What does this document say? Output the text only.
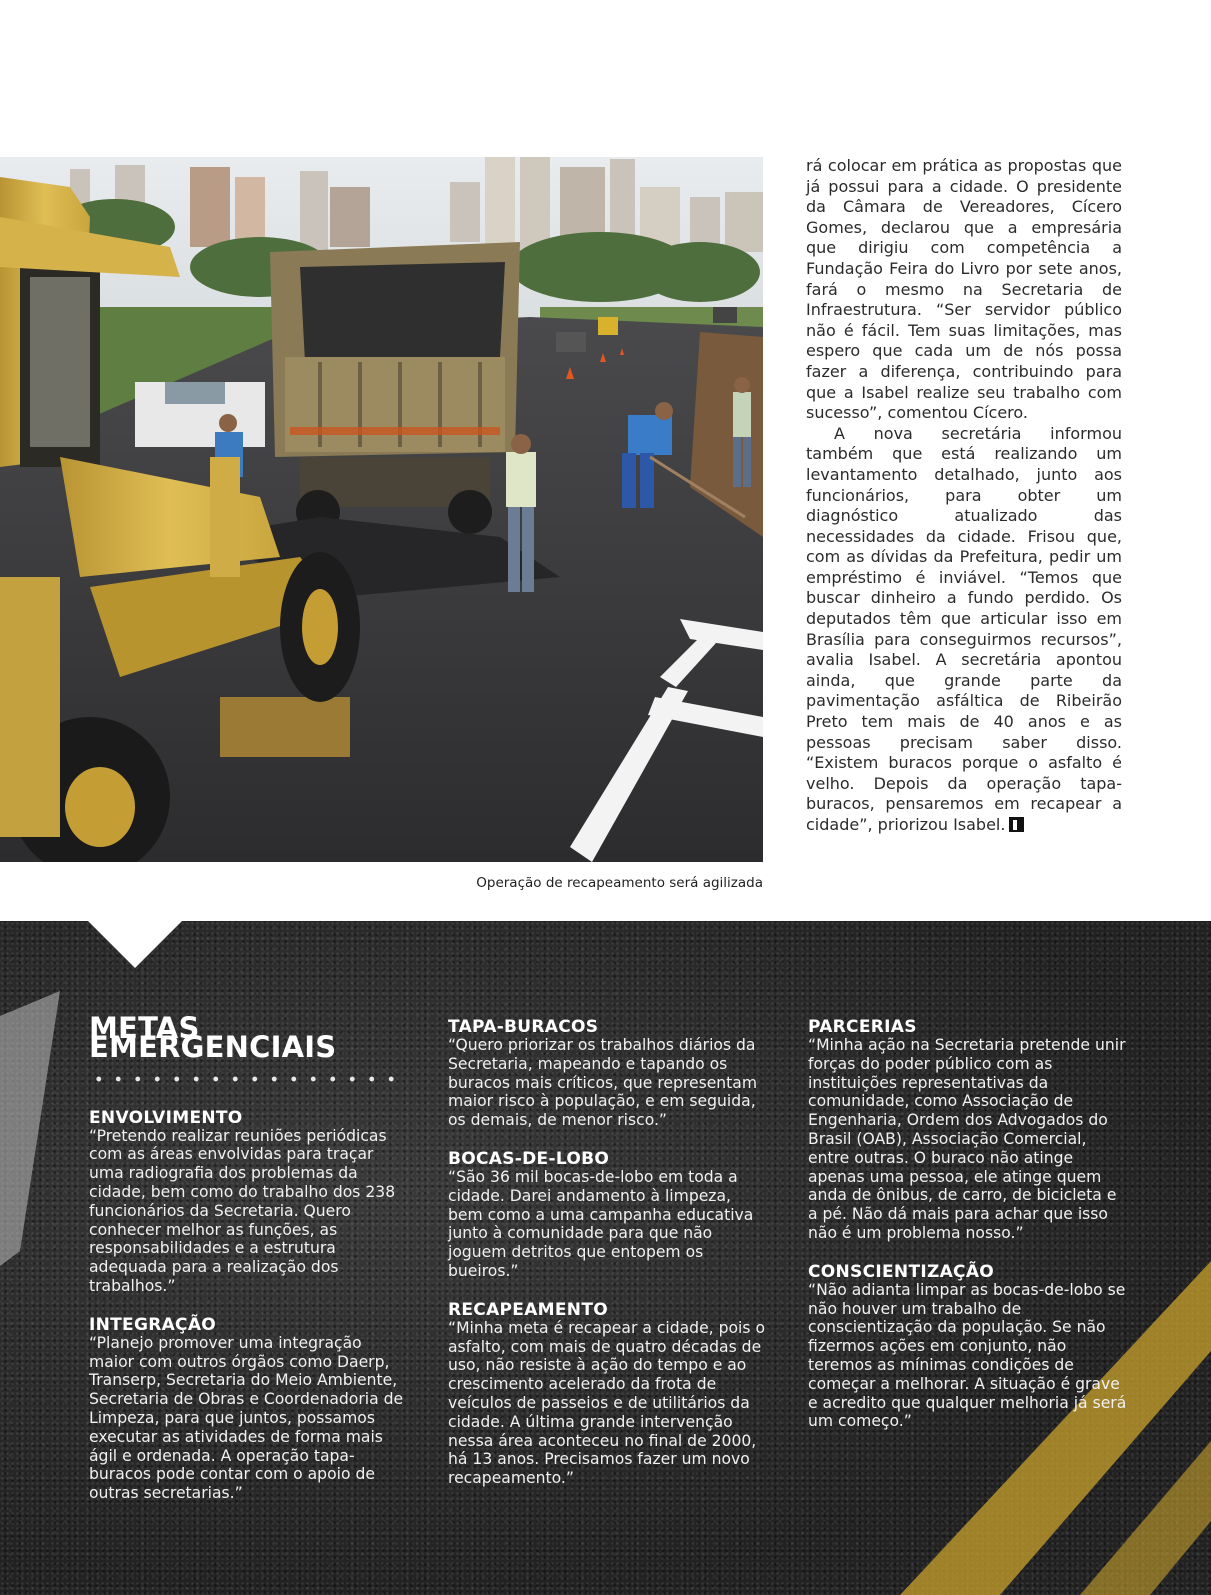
Operação de recapeamento será agilizada

rá colocar em prática as propostas que já possui para a cidade. O presidente da Câmara de Vereadores, Cícero Gomes, declarou que a empresária que dirigiu com competência a Fundação Feira do Livro por sete anos, fará o mesmo na Secretaria de Infraestrutura. “Ser servidor público não é fácil. Tem suas limitações, mas espero que cada um de nós possa fazer a diferença, contribuindo para que a Isabel realize seu trabalho com sucesso”, comentou Cícero.

A nova secretária informou também que está realizando um levantamento detalhado, junto aos funcionários, para obter um diagnóstico atualizado das necessidades da cidade. Frisou que, com as dívidas da Prefeitura, pedir um empréstimo é inviável. “Temos que buscar dinheiro a fundo perdido. Os deputados têm que articular isso em Brasília para conseguirmos recursos”, avalia Isabel. A secretária apontou ainda, que grande parte da pavimentação asfáltica de Ribeirão Preto tem mais de 40 anos e as pessoas precisam saber disso. “Existem buracos porque o asfalto é velho. Depois da operação tapa-buracos, pensaremos em recapear a cidade”, priorizou Isabel.

METAS EMERGENCIAIS
ENVOLVIMENTO

“Pretendo realizar reuniões periódicas com as áreas envolvidas para traçar uma radiografia dos problemas da cidade, bem como do trabalho dos 238 funcionários da Secretaria. Quero conhecer melhor as funções, as responsabilidades e a estrutura adequada para a realização dos trabalhos.”

INTEGRAÇÃO

“Planejo promover uma integração maior com outros órgãos como Daerp, Transerp, Secretaria do Meio Ambiente, Secretaria de Obras e Coordenadoria de Limpeza, para que juntos, possamos executar as atividades de forma mais ágil e ordenada. A operação tapa-buracos pode contar com o apoio de outras secretarias.”

TAPA-BURACOS

“Quero priorizar os trabalhos diários da Secretaria, mapeando e tapando os buracos mais críticos, que representam maior risco à população, e em seguida, os demais, de menor risco.”

BOCAS-DE-LOBO

“São 36 mil bocas-de-lobo em toda a cidade. Darei andamento à limpeza, bem como a uma campanha educativa junto à comunidade para que não joguem detritos que entopem os bueiros.”

RECAPEAMENTO

“Minha meta é recapear a cidade, pois o asfalto, com mais de quatro décadas de uso, não resiste à ação do tempo e ao crescimento acelerado da frota de veículos de passeios e de utilitários da cidade. A última grande intervenção nessa área aconteceu no final de 2000, há 13 anos. Precisamos fazer um novo recapeamento.”

PARCERIAS

“Minha ação na Secretaria pretende unir forças do poder público com as instituições representativas da comunidade, como Associação de Engenharia, Ordem dos Advogados do Brasil (OAB), Associação Comercial, entre outras. O buraco não atinge apenas uma pessoa, ele atinge quem anda de ônibus, de carro, de bicicleta e a pé. Não dá mais para achar que isso não é um problema nosso.”

CONSCIENTIZAÇÃO

“Não adianta limpar as bocas-de-lobo se não houver um trabalho de conscientização da população. Se não fizermos ações em conjunto, não teremos as mínimas condições de começar a melhorar. A situação é grave e acredito que qualquer melhoria já será um começo.”
